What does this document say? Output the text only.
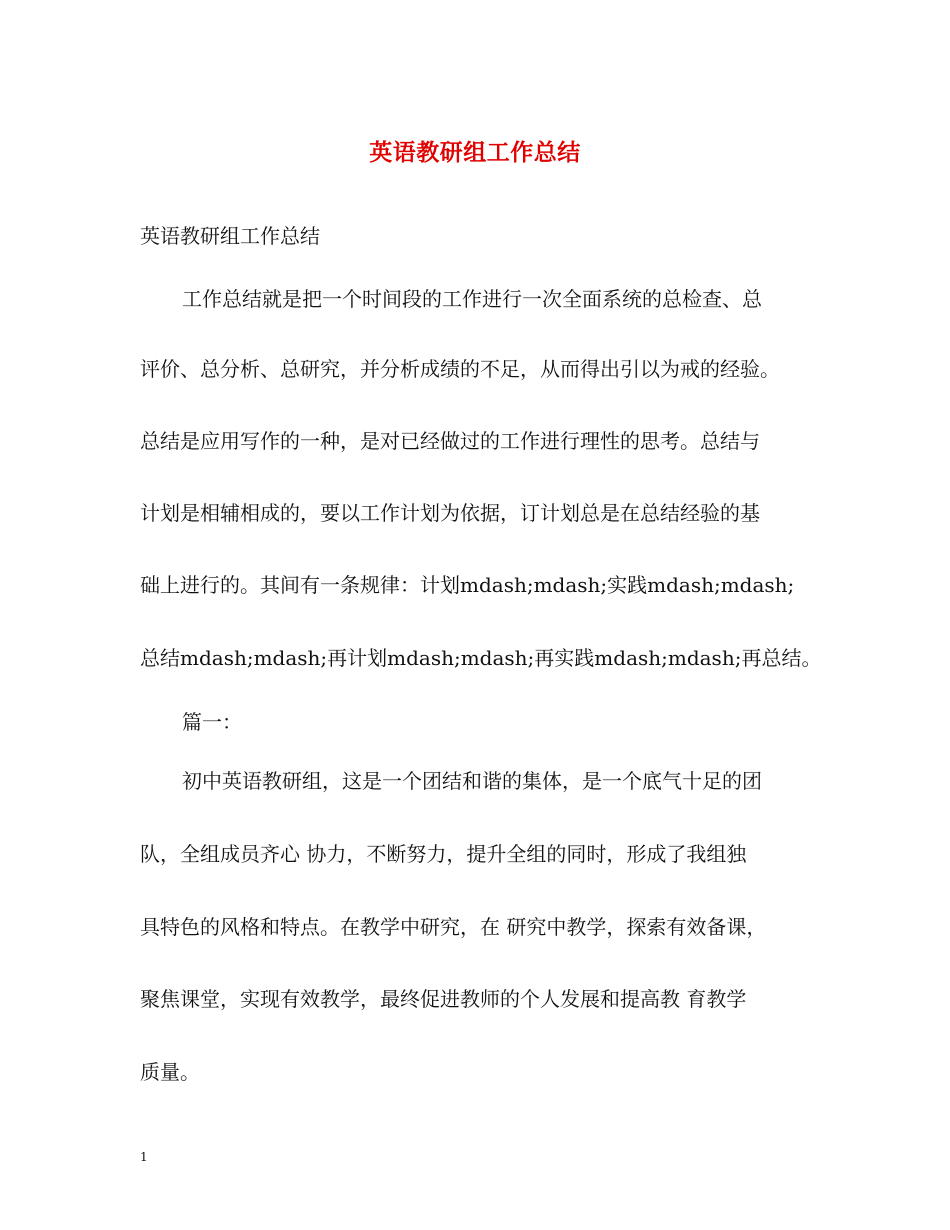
英语教研组工作总结
英语教研组工作总结
工作总结就是把一个时间段的工作进行一次全面系统的总检查、总
评价、总分析、总研究，并分析成绩的不足，从而得出引以为戒的经验。
总结是应用写作的一种，是对已经做过的工作进行理性的思考。总结与
计划是相辅相成的，要以工作计划为依据，订计划总是在总结经验的基
础上进行的。其间有一条规律：计划mdash;mdash;实践mdash;mdash;
总结mdash;mdash;再计划mdash;mdash;再实践mdash;mdash;再总结。
篇一：
初中英语教研组，这是一个团结和谐的集体，是一个底气十足的团
队，全组成员齐心 协力，不断努力，提升全组的同时，形成了我组独
具特色的风格和特点。在教学中研究，在 研究中教学，探索有效备课，
聚焦课堂，实现有效教学，最终促进教师的个人发展和提高教 育教学
质量。
1
